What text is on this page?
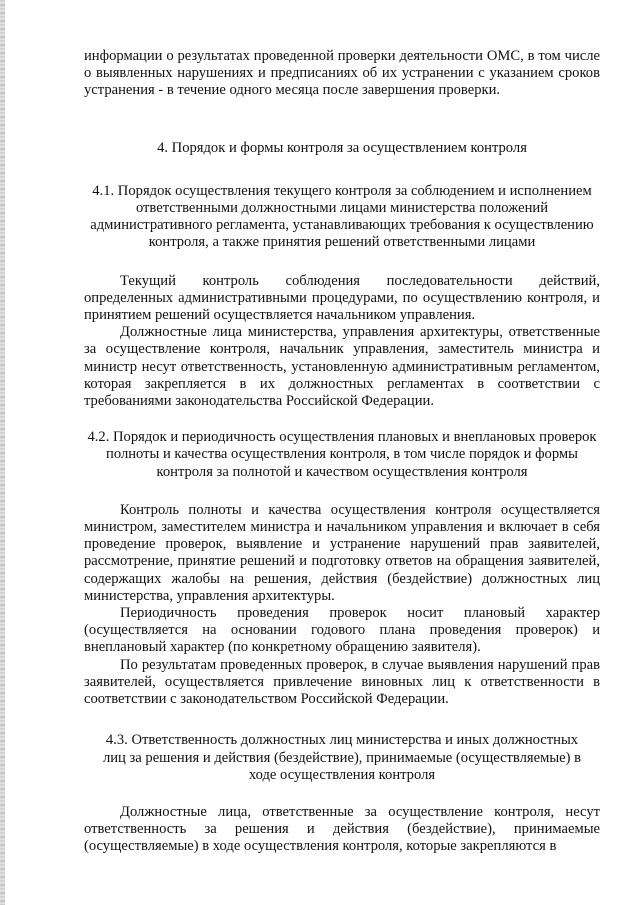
информации о результатах проведенной проверки деятельности ОМС, в том числе о выявленных нарушениях и предписаниях об их устранении с указанием сроков устранения - в течение одного месяца после завершения проверки.

4. Порядок и формы контроля за осуществлением контроля

4.1. Порядок осуществления текущего контроля за соблюдением и исполнением ответственными должностными лицами министерства положений административного регламента, устанавливающих требования к осуществлению контроля, а также принятия решений ответственными лицами

Текущий контроль соблюдения последовательности действий, определенных административными процедурами, по осуществлению контроля, и принятием решений осуществляется начальником управления.

Должностные лица министерства, управления архитектуры, ответственные за осуществление контроля, начальник управления, заместитель министра и министр несут ответственность, установленную административным регламентом, которая закрепляется в их должностных регламентах в соответствии с требованиями законодательства Российской Федерации.

4.2. Порядок и периодичность осуществления плановых и внеплановых проверок полноты и качества осуществления контроля, в том числе порядок и формы контроля за полнотой и качеством осуществления контроля

Контроль полноты и качества осуществления контроля осуществляется министром, заместителем министра и начальником управления и включает в себя проведение проверок, выявление и устранение нарушений прав заявителей, рассмотрение, принятие решений и подготовку ответов на обращения заявителей, содержащих жалобы на решения, действия (бездействие) должностных лиц министерства, управления архитектуры.

Периодичность проведения проверок носит плановый характер (осуществляется на основании годового плана проведения проверок) и внеплановый характер (по конкретному обращению заявителя).

По результатам проведенных проверок, в случае выявления нарушений прав заявителей, осуществляется привлечение виновных лиц к ответственности в соответствии с законодательством Российской Федерации.

4.3. Ответственность должностных лиц министерства и иных должностных лиц за решения и действия (бездействие), принимаемые (осуществляемые) в ходе осуществления контроля

Должностные лица, ответственные за осуществление контроля, несут ответственность за решения и действия (бездействие), принимаемые (осуществляемые) в ходе осуществления контроля, которые закрепляются в
